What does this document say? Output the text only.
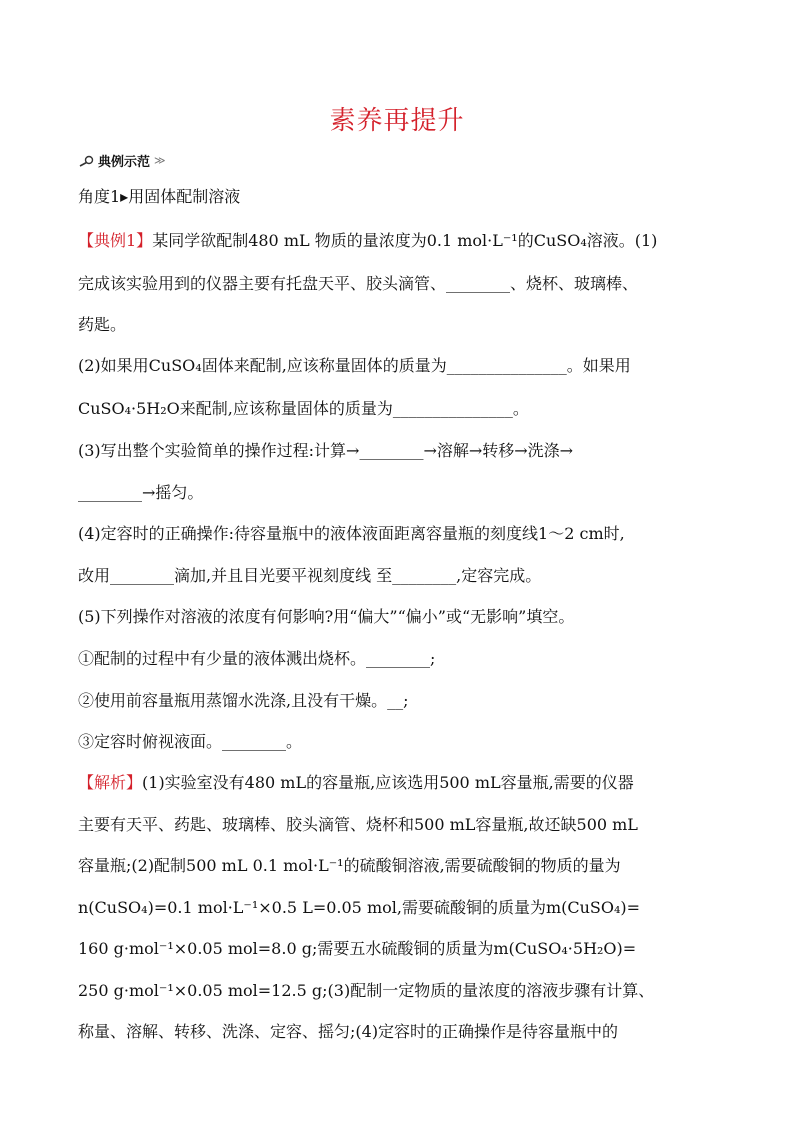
素养再提升
典例示范 ≫
角度1▸用固体配制溶液
【典例1】某同学欲配制480 mL 物质的量浓度为0.1 mol·L⁻¹的CuSO₄溶液。(1)
完成该实验用到的仪器主要有托盘天平、胶头滴管、________、烧杯、玻璃棒、
药匙。
(2)如果用CuSO₄固体来配制,应该称量固体的质量为_______________。如果用
CuSO₄·5H₂O来配制,应该称量固体的质量为_______________。
(3)写出整个实验简单的操作过程:计算→________→溶解→转移→洗涤→
________→摇匀。
(4)定容时的正确操作:待容量瓶中的液体液面距离容量瓶的刻度线1～2 cm时,
改用________滴加,并且目光要平视刻度线 至________,定容完成。
(5)下列操作对溶液的浓度有何影响?用“偏大”“偏小”或“无影响”填空。
①配制的过程中有少量的液体溅出烧杯。________;
②使用前容量瓶用蒸馏水洗涤,且没有干燥。__;
③定容时俯视液面。________。
【解析】(1)实验室没有480 mL的容量瓶,应该选用500 mL容量瓶,需要的仪器
主要有天平、药匙、玻璃棒、胶头滴管、烧杯和500 mL容量瓶,故还缺500 mL
容量瓶;(2)配制500 mL 0.1 mol·L⁻¹的硫酸铜溶液,需要硫酸铜的物质的量为
n(CuSO₄)=0.1 mol·L⁻¹×0.5 L=0.05 mol,需要硫酸铜的质量为m(CuSO₄)=
160 g·mol⁻¹×0.05 mol=8.0 g;需要五水硫酸铜的质量为m(CuSO₄·5H₂O)=
250 g·mol⁻¹×0.05 mol=12.5 g;(3)配制一定物质的量浓度的溶液步骤有计算、
称量、溶解、转移、洗涤、定容、摇匀;(4)定容时的正确操作是待容量瓶中的
